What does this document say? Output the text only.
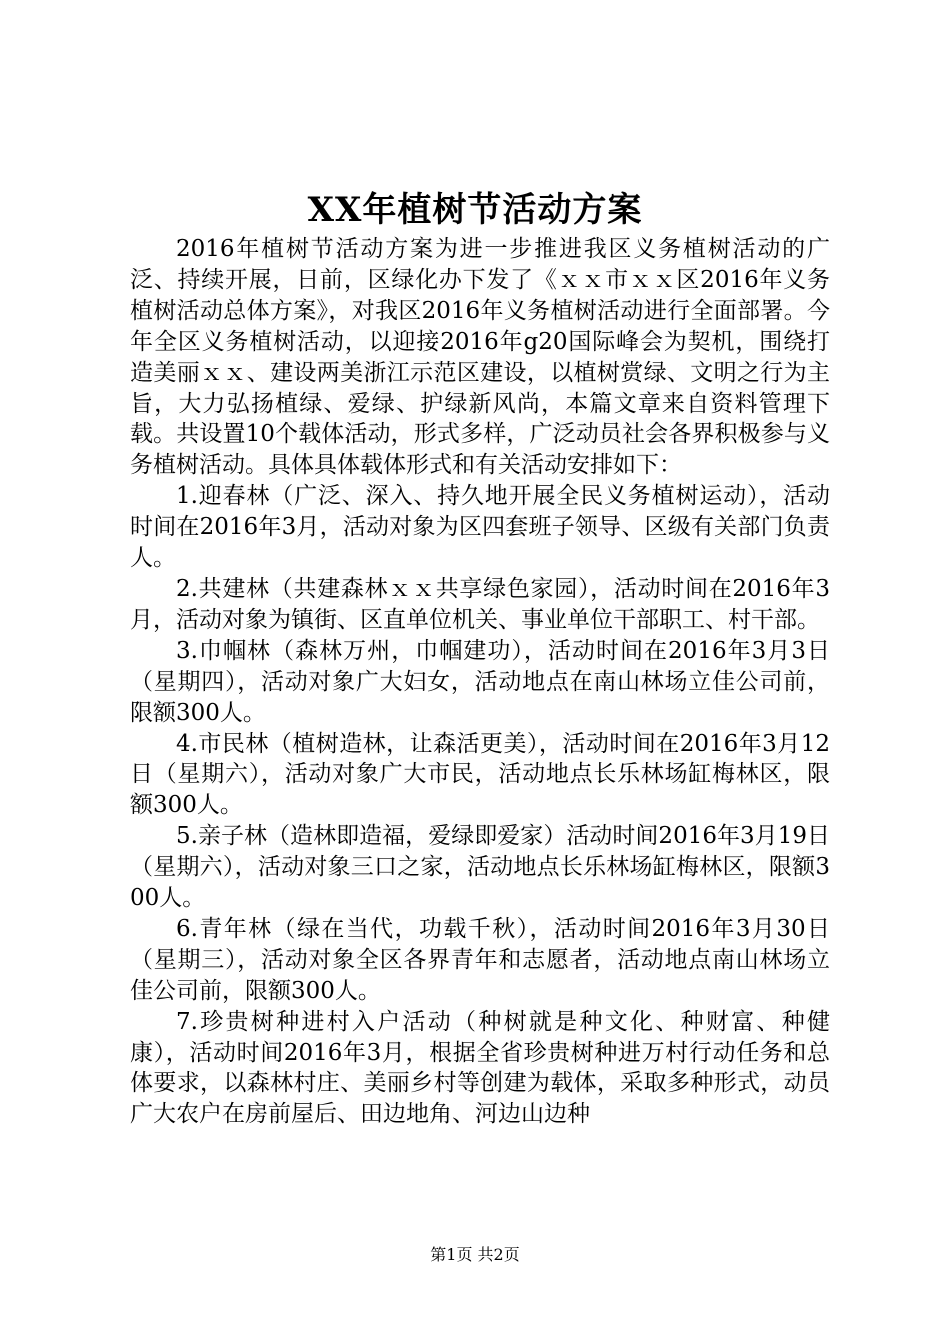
XX年植树节活动方案

2016年植树节活动方案为进一步推进我区义务植树活动的广泛、持续开展，日前，区绿化办下发了《ｘｘ市ｘｘ区2016年义务植树活动总体方案》，对我区2016年义务植树活动进行全面部署。今年全区义务植树活动，以迎接2016年g20国际峰会为契机，围绕打造美丽ｘｘ、建设两美浙江示范区建设，以植树赏绿、文明之行为主旨，大力弘扬植绿、爱绿、护绿新风尚，本篇文章来自资料管理下载。共设置10个载体活动，形式多样，广泛动员社会各界积极参与义务植树活动。具体具体载体形式和有关活动安排如下：

1.迎春林（广泛、深入、持久地开展全民义务植树运动），活动时间在2016年3月，活动对象为区四套班子领导、区级有关部门负责人。

2.共建林（共建森林ｘｘ共享绿色家园），活动时间在2016年3月，活动对象为镇街、区直单位机关、事业单位干部职工、村干部。

3.巾帼林（森林万州，巾帼建功），活动时间在2016年3月3日（星期四），活动对象广大妇女，活动地点在南山林场立佳公司前，限额300人。

4.市民林（植树造林，让森活更美），活动时间在2016年3月12日（星期六），活动对象广大市民，活动地点长乐林场缸梅林区，限额300人。

5.亲子林（造林即造福，爱绿即爱家）活动时间2016年3月19日（星期六），活动对象三口之家，活动地点长乐林场缸梅林区，限额300人。

6.青年林（绿在当代，功载千秋），活动时间2016年3月30日（星期三），活动对象全区各界青年和志愿者，活动地点南山林场立佳公司前，限额300人。

7.珍贵树种进村入户活动（种树就是种文化、种财富、种健康），活动时间2016年3月，根据全省珍贵树种进万村行动任务和总体要求，以森林村庄、美丽乡村等创建为载体，采取多种形式，动员广大农户在房前屋后、田边地角、河边山边种

第1页 共2页
